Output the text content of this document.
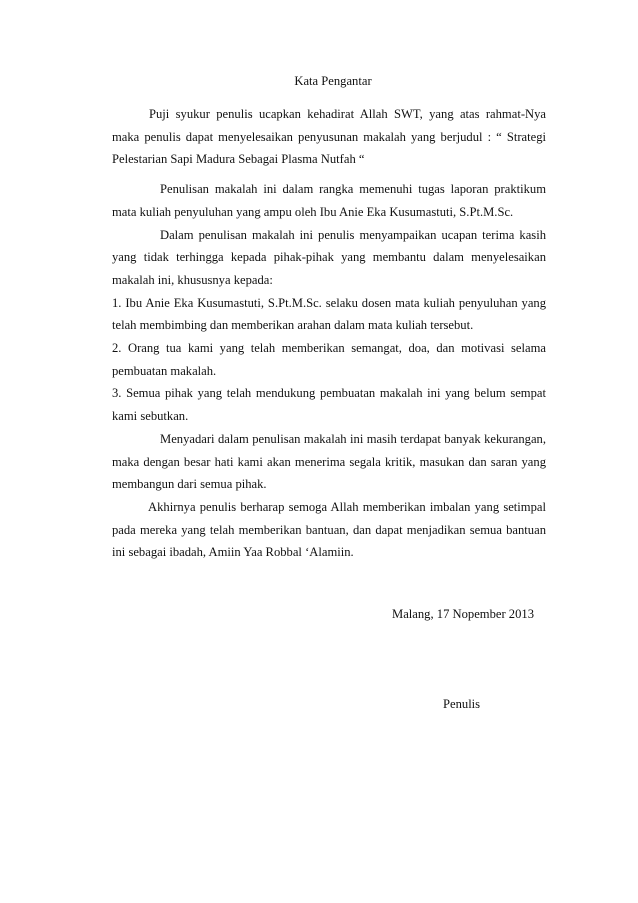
Kata Pengantar

Puji syukur penulis ucapkan kehadirat Allah SWT, yang atas rahmat-Nya maka penulis dapat menyelesaikan penyusunan makalah yang berjudul : “ Strategi Pelestarian Sapi Madura Sebagai Plasma Nutfah “

Penulisan makalah ini dalam rangka memenuhi tugas laporan praktikum mata kuliah penyuluhan yang ampu oleh Ibu Anie Eka Kusumastuti, S.Pt.M.Sc.

Dalam penulisan makalah ini penulis menyampaikan ucapan terima kasih yang tidak terhingga kepada pihak-pihak yang membantu dalam menyelesaikan makalah ini, khususnya kepada:

1. Ibu Anie Eka Kusumastuti, S.Pt.M.Sc. selaku dosen mata kuliah penyuluhan yang telah membimbing dan memberikan arahan dalam mata kuliah tersebut.

2. Orang tua kami yang telah memberikan semangat, doa, dan motivasi selama pembuatan makalah.

3. Semua pihak yang telah mendukung pembuatan makalah ini yang belum sempat kami sebutkan.

Menyadari dalam penulisan makalah ini masih terdapat banyak kekurangan, maka dengan besar hati kami akan menerima segala kritik, masukan dan saran yang membangun dari semua pihak.

Akhirnya penulis berharap semoga Allah memberikan imbalan yang setimpal pada mereka yang telah memberikan bantuan, dan dapat menjadikan semua bantuan ini sebagai ibadah, Amiin Yaa Robbal ‘Alamiin.

Malang, 17 Nopember 2013
Penulis
